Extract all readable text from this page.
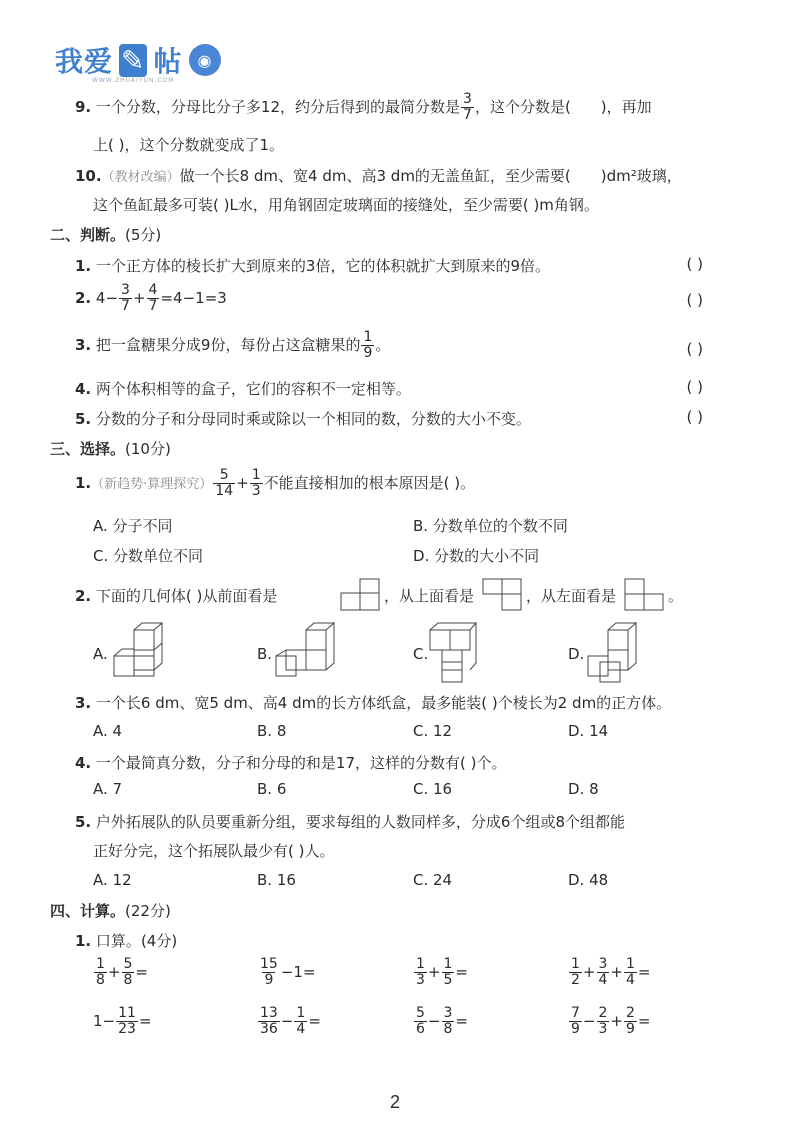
我爱 ✎ 帖 ◉
WWW.ZHUAIYUN.COM
9. 一个分数，分母比分子多12，约分后得到的最简分数是 $\frac{3}{7}$ ，这个分数是( )，再加
上( )，这个分数就变成了1。
10.（教材改编）做一个长8 dm、宽4 dm、高3 dm的无盖鱼缸，至少需要( )dm²玻璃，
这个鱼缸最多可装( )L水，用角钢固定玻璃面的接缝处，至少需要( )m角钢。
二、判断。(5分)
1. 一个正方体的棱长扩大到原来的3倍，它的体积就扩大到原来的9倍。	( )
2. $4- \frac{3}{7} + \frac{4}{7} =4-1=3$	( )
3. 把一盒糖果分成9份，每份占这盒糖果的 $\frac{1}{9}$ 。	( )
4. 两个体积相等的盒子，它们的容积不一定相等。	( )
5. 分数的分子和分母同时乘或除以一个相同的数，分数的大小不变。	( )
三、选择。(10分)
1.（新趋势·算理探究） $\frac{5}{14} + \frac{1}{3}$ 不能直接相加的根本原因是( )。
A. 分子不同	B. 分数单位的个数不同
C. 分数单位不同	D. 分数的大小不同
2. 下面的几何体( )从前面看是	，从上面看是	，从左面看是	。
A.	B.	C.	D.
3. 一个长6 dm、宽5 dm、高4 dm的长方体纸盒，最多能装( )个棱长为2 dm的正方体。
A. 4	B. 8	C. 12	D. 14
4. 一个最简真分数，分子和分母的和是17，这样的分数有( )个。
A. 7	B. 6	C. 16	D. 8
5. 户外拓展队的队员要重新分组，要求每组的人数同样多，分成6个组或8个组都能
正好分完，这个拓展队最少有( )人。
A. 12	B. 16	C. 24	D. 48
四、计算。(22分)
1. 口算。(4分)
$\frac{1}{8} + \frac{5}{8}$ =	$\frac{15}{9} -1=$	$\frac{1}{3} + \frac{1}{5}$ =	$\frac{1}{2} + \frac{3}{4} + \frac{1}{4}$ =
$1- \frac{11}{23}$ =	$\frac{13}{36} - \frac{1}{4}$ =	$\frac{5}{6} - \frac{3}{8}$ =	$\frac{7}{9} - \frac{2}{3} + \frac{2}{9}$ =
2
